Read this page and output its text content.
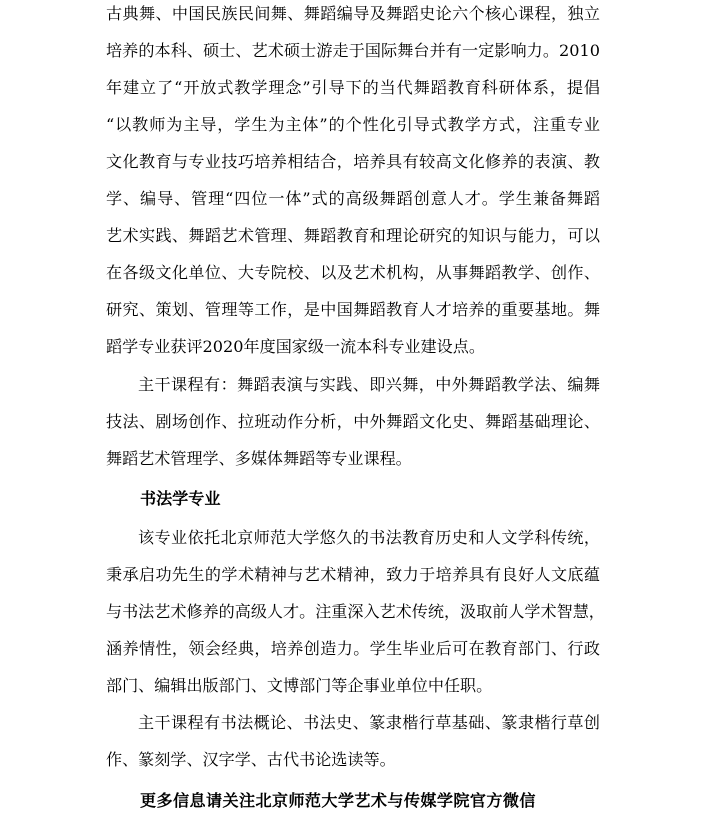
古典舞、中国民族民间舞、舞蹈编导及舞蹈史论六个核心课程，独立
培养的本科、硕士、艺术硕士游走于国际舞台并有一定影响力。2010
年建立了“开放式教学理念”引导下的当代舞蹈教育科研体系，提倡
“以教师为主导，学生为主体”的个性化引导式教学方式，注重专业
文化教育与专业技巧培养相结合，培养具有较高文化修养的表演、教
学、编导、管理“四位一体”式的高级舞蹈创意人才。学生兼备舞蹈
艺术实践、舞蹈艺术管理、舞蹈教育和理论研究的知识与能力，可以
在各级文化单位、大专院校、以及艺术机构，从事舞蹈教学、创作、
研究、策划、管理等工作，是中国舞蹈教育人才培养的重要基地。舞
蹈学专业获评2020年度国家级一流本科专业建设点。
主干课程有：舞蹈表演与实践、即兴舞，中外舞蹈教学法、编舞
技法、剧场创作、拉班动作分析，中外舞蹈文化史、舞蹈基础理论、
舞蹈艺术管理学、多媒体舞蹈等专业课程。
书法学专业
该专业依托北京师范大学悠久的书法教育历史和人文学科传统，
秉承启功先生的学术精神与艺术精神，致力于培养具有良好人文底蕴
与书法艺术修养的高级人才。注重深入艺术传统，汲取前人学术智慧，
涵养情性，领会经典，培养创造力。学生毕业后可在教育部门、行政
部门、编辑出版部门、文博部门等企事业单位中任职。
主干课程有书法概论、书法史、篆隶楷行草基础、篆隶楷行草创
作、篆刻学、汉字学、古代书论选读等。
更多信息请关注北京师范大学艺术与传媒学院官方微信
